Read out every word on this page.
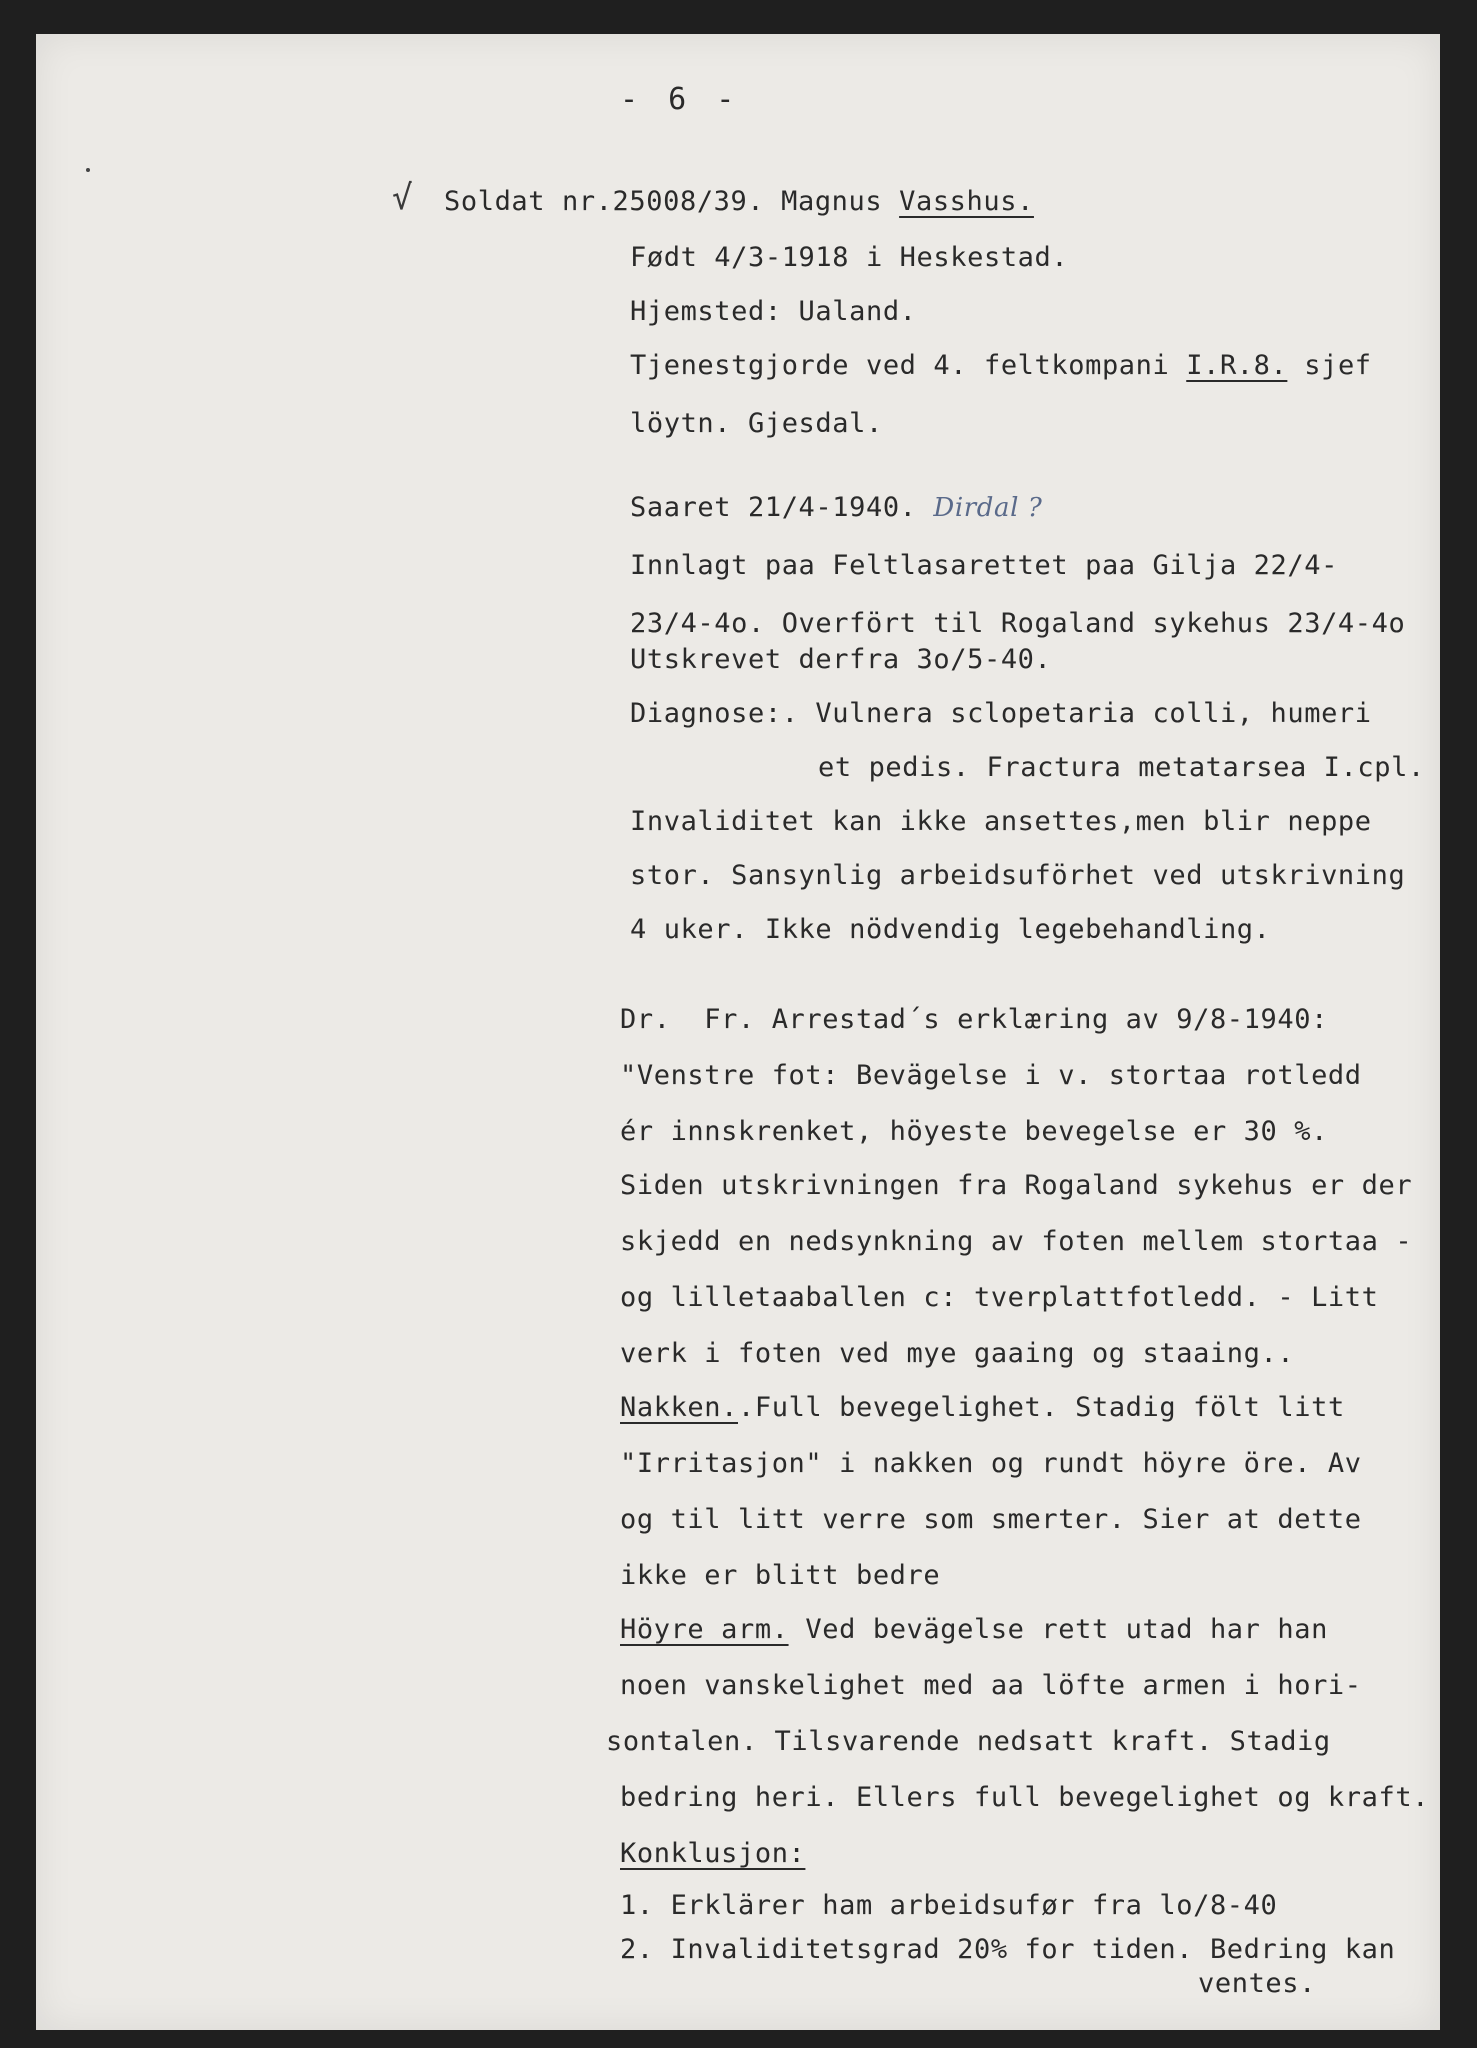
- 6 -
√ Soldat nr.25008/39. Magnus Vasshus.
Født 4/3-1918 i Heskestad.
Hjemsted: Ualand.
Tjenestgjorde ved 4. feltkompani I.R.8. sjef
löytn. Gjesdal.
Saaret 21/4-1940. Dirdal ?
Innlagt paa Feltlasarettet paa Gilja 22/4-
23/4-4o. Overfört til Rogaland sykehus 23/4-4o
Utskrevet derfra 3o/5-40.
Diagnose:. Vulnera sclopetaria colli, humeri
et pedis. Fractura metatarsea I.cpl.
Invaliditet kan ikke ansettes,men blir neppe
stor. Sansynlig arbeidsuförhet ved utskrivning
4 uker. Ikke nödvendig legebehandling.
Dr.  Fr. Arrestad´s erklæring av 9/8-1940:
"Venstre fot: Bevägelse i v. stortaa rotledd
ér innskrenket, höyeste bevegelse er 30 %.
Siden utskrivningen fra Rogaland sykehus er der
skjedd en nedsynkning av foten mellem stortaa -
og lilletaaballen c: tverplattfotledd. - Litt
verk i foten ved mye gaaing og staaing..
Nakken..Full bevegelighet. Stadig fölt litt
"Irritasjon" i nakken og rundt höyre öre. Av
og til litt verre som smerter. Sier at dette
ikke er blitt bedre
Höyre arm. Ved bevägelse rett utad har han
noen vanskelighet med aa löfte armen i hori-
sontalen. Tilsvarende nedsatt kraft. Stadig
bedring heri. Ellers full bevegelighet og kraft.
Konklusjon:
1. Erklärer ham arbeidsufør fra lo/8-40
2. Invaliditetsgrad 20% for tiden. Bedring kan
ventes.
